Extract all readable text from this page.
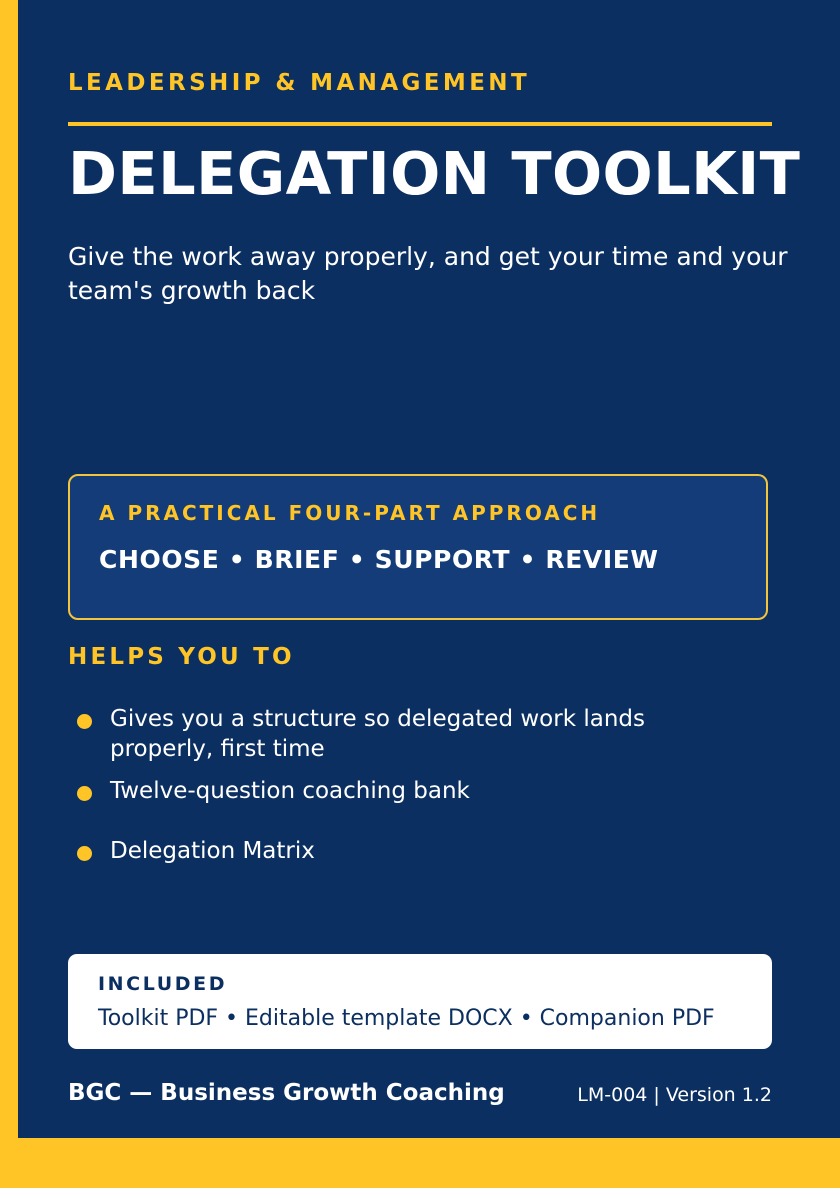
LEADERSHIP & MANAGEMENT

DELEGATION TOOLKIT

Give the work away properly, and get your time and your team's growth back

A PRACTICAL FOUR-PART APPROACH

CHOOSE • BRIEF • SUPPORT • REVIEW

HELPS YOU TO

Gives you a structure so delegated work lands properly, first time

Twelve-question coaching bank

Delegation Matrix

INCLUDED

Toolkit PDF • Editable template DOCX • Companion PDF

BGC — Business Growth Coaching	LM-004 | Version 1.2
